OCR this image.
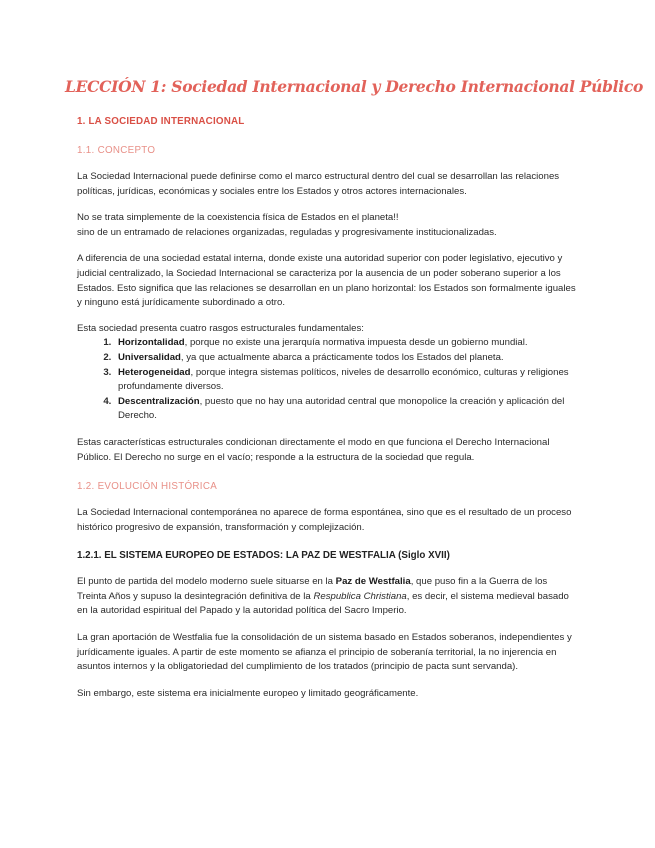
LECCIÓN 1: Sociedad Internacional y Derecho Internacional Público
1. LA SOCIEDAD INTERNACIONAL
1.1. CONCEPTO

La Sociedad Internacional puede definirse como el marco estructural dentro del cual se desarrollan las relaciones políticas, jurídicas, económicas y sociales entre los Estados y otros actores internacionales.

No se trata simplemente de la coexistencia física de Estados en el planeta!!
sino de un entramado de relaciones organizadas, reguladas y progresivamente institucionalizadas.

A diferencia de una sociedad estatal interna, donde existe una autoridad superior con poder legislativo, ejecutivo y judicial centralizado, la Sociedad Internacional se caracteriza por la ausencia de un poder soberano superior a los Estados. Esto significa que las relaciones se desarrollan en un plano horizontal: los Estados son formalmente iguales y ninguno está jurídicamente subordinado a otro.

Esta sociedad presenta cuatro rasgos estructurales fundamentales:

1. Horizontalidad, porque no existe una jerarquía normativa impuesta desde un gobierno mundial.
2. Universalidad, ya que actualmente abarca a prácticamente todos los Estados del planeta.
3. Heterogeneidad, porque integra sistemas políticos, niveles de desarrollo económico, culturas y religiones profundamente diversos.
4. Descentralización, puesto que no hay una autoridad central que monopolice la creación y aplicación del Derecho.

Estas características estructurales condicionan directamente el modo en que funciona el Derecho Internacional Público. El Derecho no surge en el vacío; responde a la estructura de la sociedad que regula.

1.2. EVOLUCIÓN HISTÓRICA

La Sociedad Internacional contemporánea no aparece de forma espontánea, sino que es el resultado de un proceso histórico progresivo de expansión, transformación y complejización.

1.2.1. EL SISTEMA EUROPEO DE ESTADOS: LA PAZ DE WESTFALIA (Siglo XVII)

El punto de partida del modelo moderno suele situarse en la Paz de Westfalia, que puso fin a la Guerra de los Treinta Años y supuso la desintegración definitiva de la Respublica Christiana, es decir, el sistema medieval basado en la autoridad espiritual del Papado y la autoridad política del Sacro Imperio.

La gran aportación de Westfalia fue la consolidación de un sistema basado en Estados soberanos, independientes y jurídicamente iguales. A partir de este momento se afianza el principio de soberanía territorial, la no injerencia en asuntos internos y la obligatoriedad del cumplimiento de los tratados (principio de pacta sunt servanda).

Sin embargo, este sistema era inicialmente europeo y limitado geográficamente.
